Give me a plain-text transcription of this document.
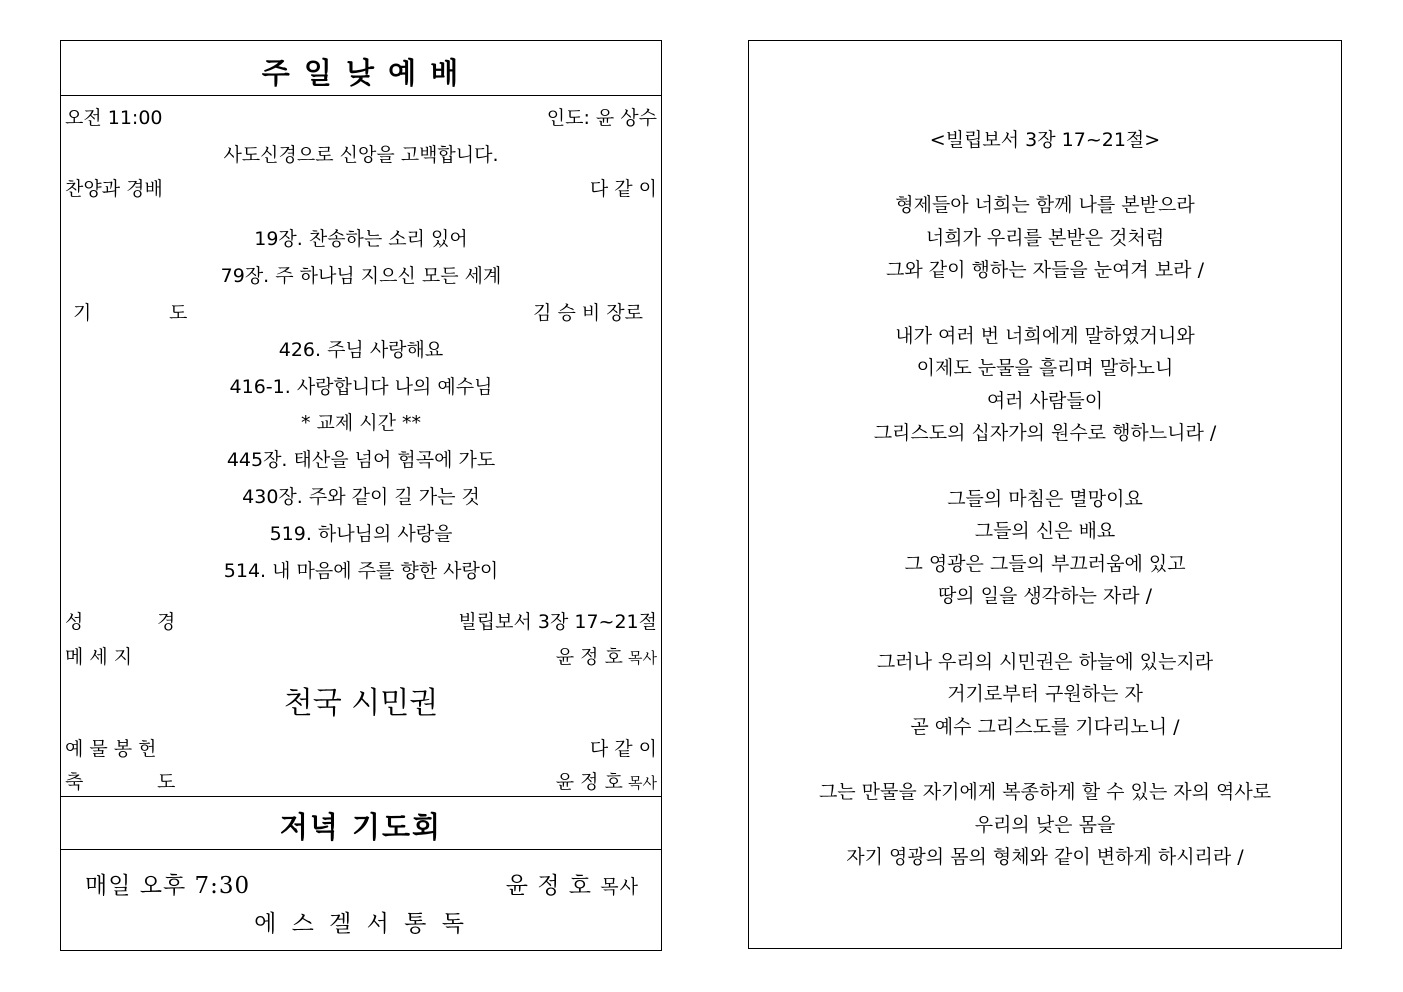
주 일 낮 예 배
오전 11:00	인도: 윤 상수
사도신경으로 신앙을 고백합니다.
찬양과 경배	다 같 이
19장. 찬송하는 소리 있어
79장. 주 하나님 지으신 모든 세계
기	도	김 승 비 장로
426. 주님 사랑해요
416-1. 사랑합니다 나의 예수님
* 교제 시간 **
445장. 태산을 넘어 험곡에 가도
430장. 주와 같이 길 가는 것
519. 하나님의 사랑을
514. 내 마음에 주를 향한 사랑이
성	경	빌립보서 3장 17~21절
메 세 지	윤 정 호 목사
천국 시민권
예 물 봉 헌	다 같 이
축	도	윤 정 호 목사
저녁 기도회
매일 오후 7:30	윤 정 호 목사
에 스 겔 서 통 독
<빌립보서 3장 17~21절>
형제들아 너희는 함께 나를 본받으라
너희가 우리를 본받은 것처럼
그와 같이 행하는 자들을 눈여겨 보라 /
내가 여러 번 너희에게 말하였거니와
이제도 눈물을 흘리며 말하노니
여러 사람들이
그리스도의 십자가의 원수로 행하느니라 /
그들의 마침은 멸망이요
그들의 신은 배요
그 영광은 그들의 부끄러움에 있고
땅의 일을 생각하는 자라 /
그러나 우리의 시민권은 하늘에 있는지라
거기로부터 구원하는 자
곧 예수 그리스도를 기다리노니 /
그는 만물을 자기에게 복종하게 할 수 있는 자의 역사로
우리의 낮은 몸을
자기 영광의 몸의 형체와 같이 변하게 하시리라 /
